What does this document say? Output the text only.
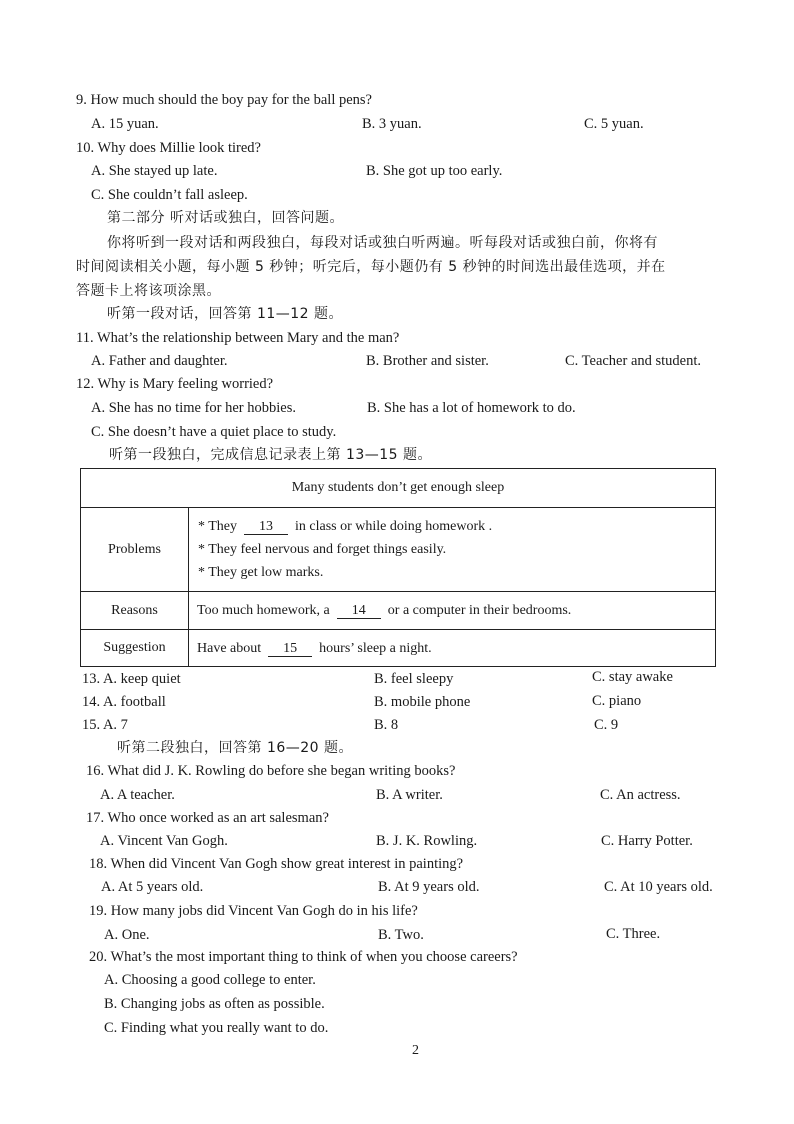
9. How much should the boy pay for the ball pens?
A. 15 yuan.	B. 3 yuan.	C. 5 yuan.
10. Why does Millie look tired?
A. She stayed up late.	B. She got up too early.
C. She couldn’t fall asleep.
第二部分 听对话或独白，回答问题。
你将听到一段对话和两段独白，每段对话或独白听两遍。听每段对话或独白前，你将有
时间阅读相关小题，每小题 5 秒钟；听完后，每小题仍有 5 秒钟的时间选出最佳选项，并在
答题卡上将该项涂黑。
听第一段对话，回答第 11—12 题。
11. What’s the relationship between Mary and the man?
A. Father and daughter.	B. Brother and sister.	C. Teacher and student.
12. Why is Mary feeling worried?
A. She has no time for her hobbies.	B. She has a lot of homework to do.
C. She doesn’t have a quiet place to study.
听第一段独白，完成信息记录表上第 13—15 题。
Many students don’t get enough sleep	
Problems	* They 13 in class or while doing homework .
* They feel nervous and forget things easily.
* They get low marks.

Reasons	Too much homework, a 14 or a computer in their bedrooms.
Suggestion	Have about 15 hours’ sleep a night.
13. A. keep quiet	B. feel sleepy	C. stay awake
14. A. football	B. mobile phone	C. piano
15. A. 7	B. 8	C. 9
听第二段独白，回答第 16—20 题。
16. What did J. K. Rowling do before she began writing books?
A. A teacher.	B. A writer.	C. An actress.
17. Who once worked as an art salesman?
A. Vincent Van Gogh.	B. J. K. Rowling.	C. Harry Potter.
18. When did Vincent Van Gogh show great interest in painting?
A. At 5 years old.	B. At 9 years old.	C. At 10 years old.
19. How many jobs did Vincent Van Gogh do in his life?
A. One.	B. Two.	C. Three.
20. What’s the most important thing to think of when you choose careers?
A. Choosing a good college to enter.
B. Changing jobs as often as possible.
C. Finding what you really want to do.
2
